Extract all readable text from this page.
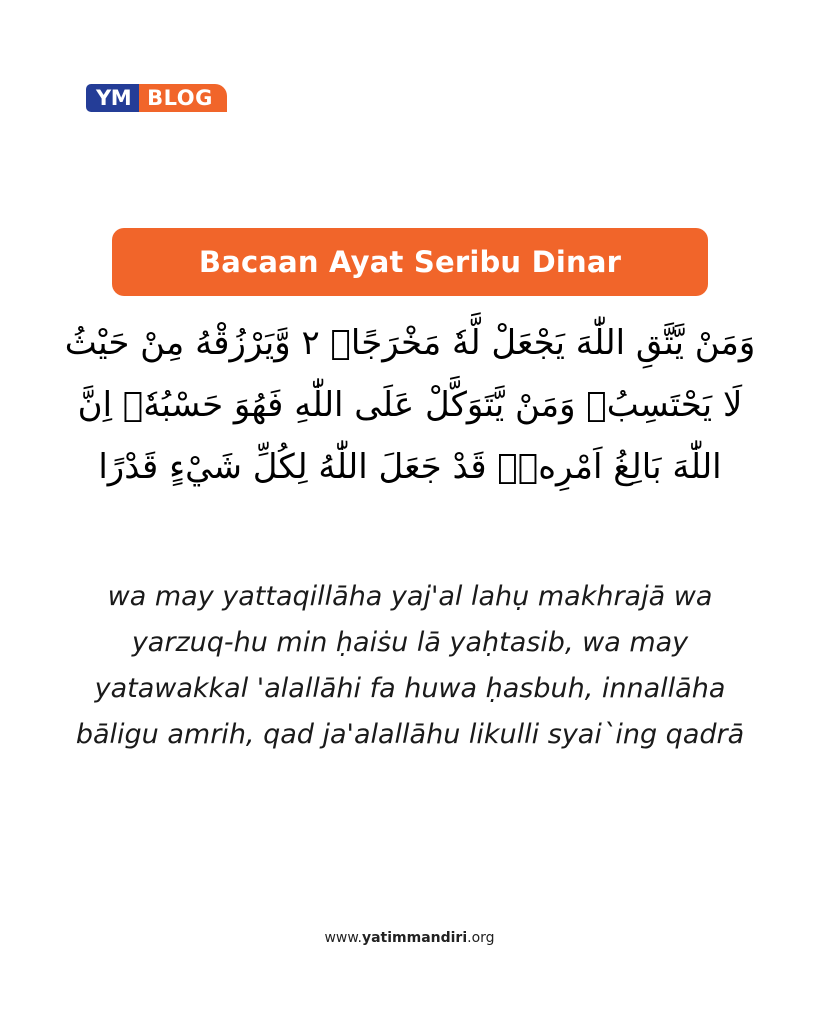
YM BLOG
Bacaan Ayat Seribu Dinar

وَمَنْ يَّتَّقِ اللّٰهَ يَجْعَلْ لَّهٗ مَخْرَجًاۙ ٢ وَّيَرْزُقْهُ مِنْ حَيْثُ لَا يَحْتَسِبُۗ وَمَنْ يَّتَوَكَّلْ عَلَى اللّٰهِ فَهُوَ حَسْبُهٗۗ اِنَّ اللّٰهَ بَالِغُ اَمْرِهٖۗ قَدْ جَعَلَ اللّٰهُ لِكُلِّ شَيْءٍ قَدْرًا

wa may yattaqillāha yaj'al lahụ makhrajā wa yarzuq-hu min ḥaiṡu lā yaḥtasib, wa may yatawakkal 'alallāhi fa huwa ḥasbuh, innallāha bāligu amrih, qad ja'alallāhu likulli syai`ing qadrā

www.yatimmandiri.org
